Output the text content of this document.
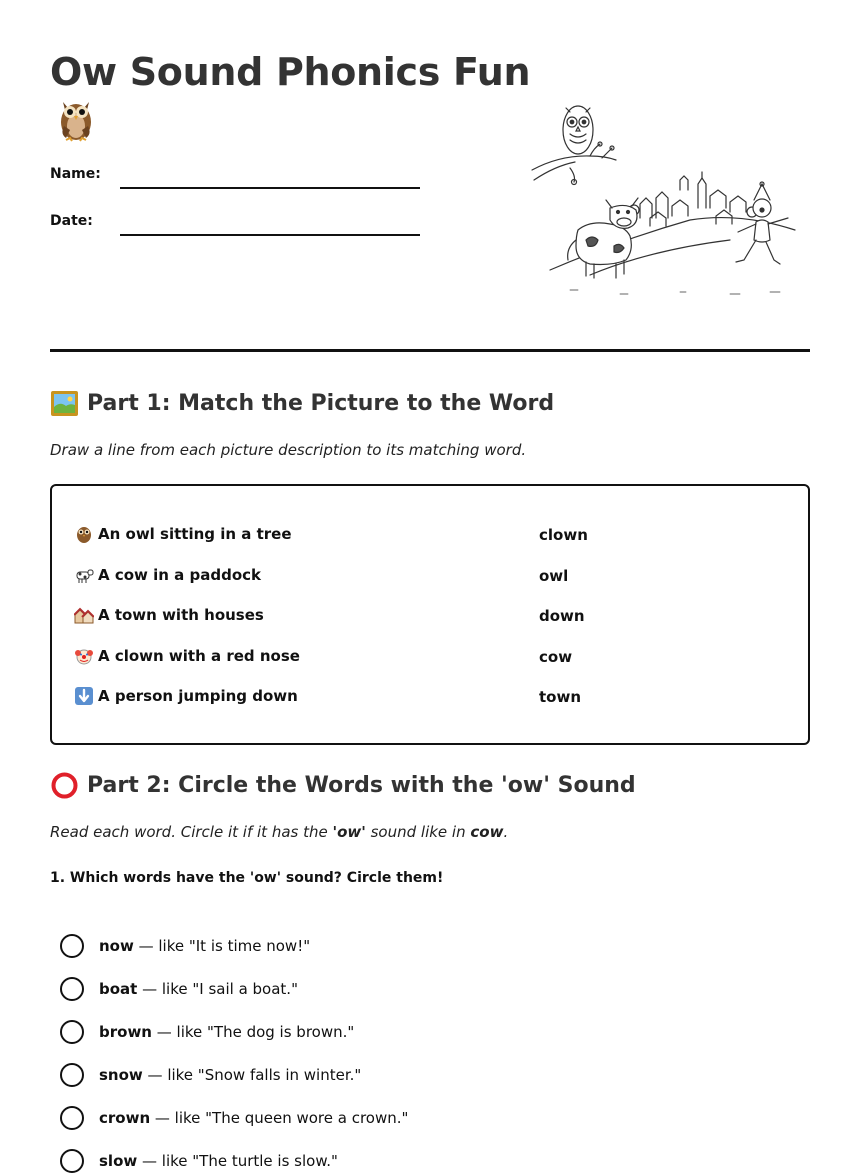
Ow Sound Phonics Fun
Name:
Date:
Part 1: Match the Picture to the Word

Draw a line from each picture description to its matching word.

An owl sitting in a tree	clown
A cow in a paddock	owl
A town with houses	down
A clown with a red nose	cow
A person jumping down	town
Part 2: Circle the Words with the 'ow' Sound

Read each word. Circle it if it has the 'ow' sound like in cow.

1. Which words have the 'ow' sound? Circle them!

now — like "It is time now!"
boat — like "I sail a boat."
brown — like "The dog is brown."
snow — like "Snow falls in winter."
crown — like "The queen wore a crown."
slow — like "The turtle is slow."
